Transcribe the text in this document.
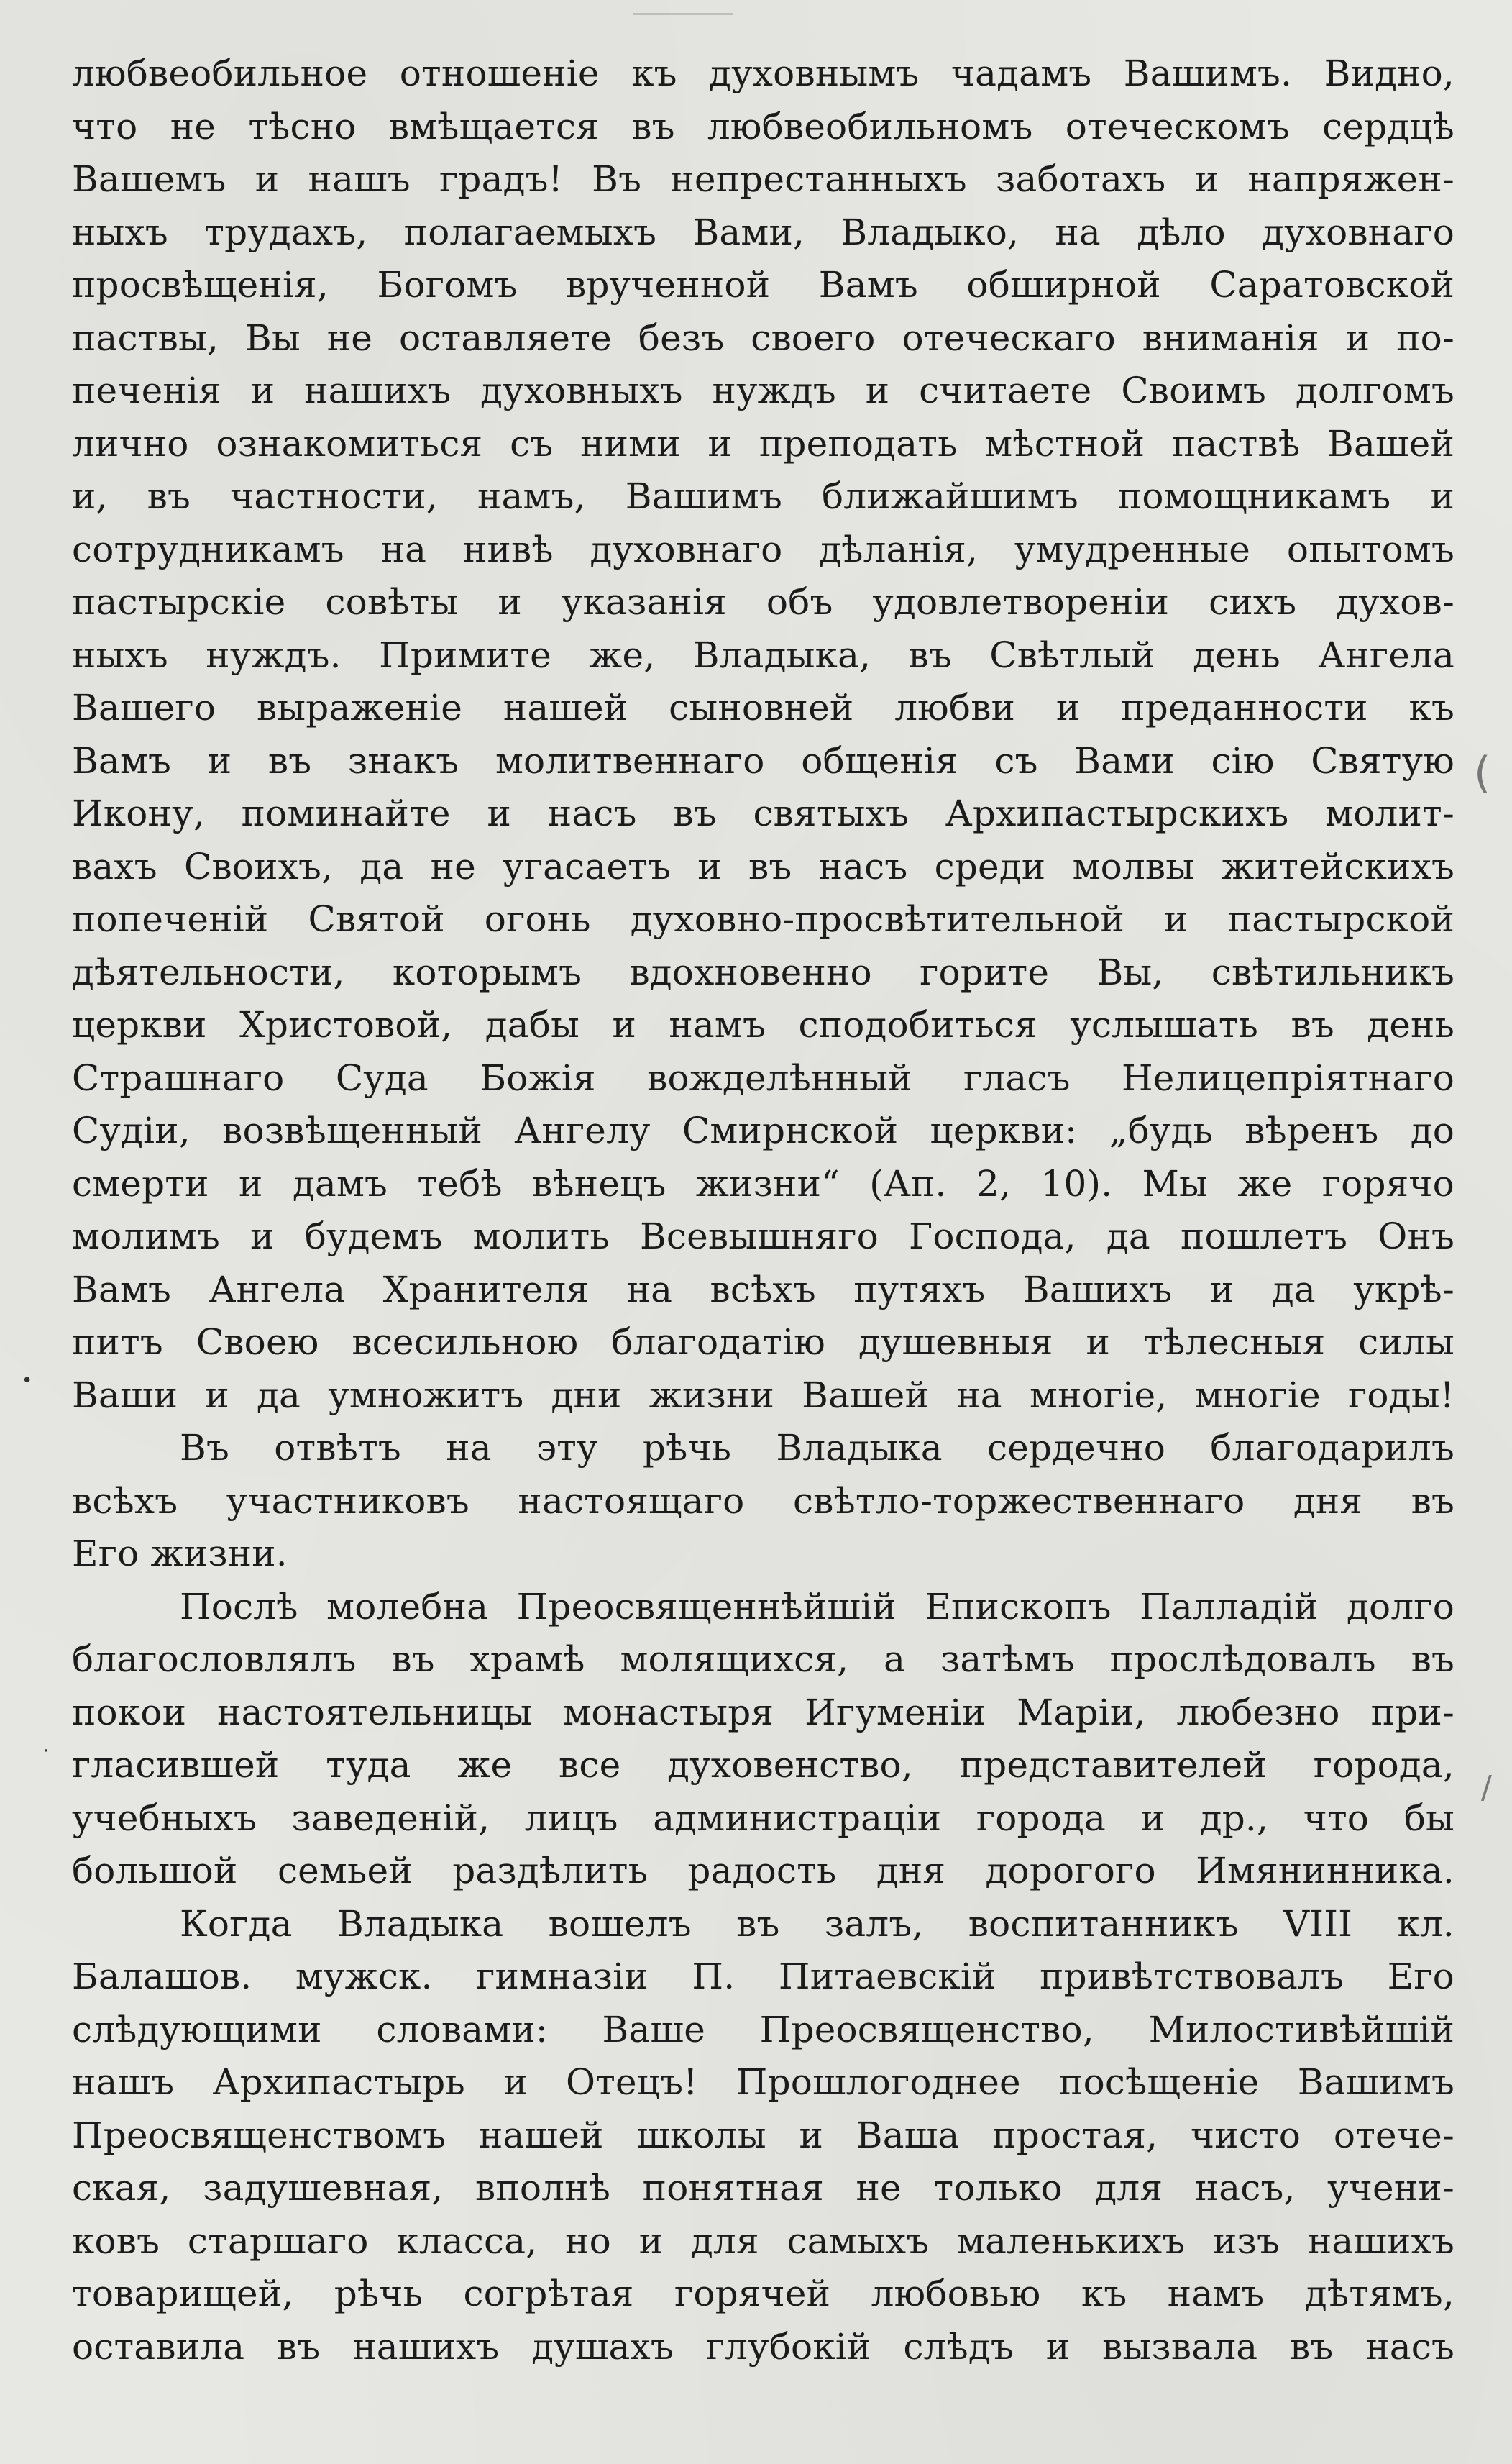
любвеобильное отношеніе къ духовнымъ чадамъ Вашимъ. Видно,
что не тѣсно вмѣщается въ любвеобильномъ отеческомъ сердцѣ
Вашемъ и нашъ градъ! Въ непрестанныхъ заботахъ и напряжен-
ныхъ трудахъ, полагаемыхъ Вами, Владыко, на дѣло духовнаго
просвѣщенія, Богомъ врученной Вамъ обширной Саратовской
паствы, Вы не оставляете безъ своего отеческаго вниманія и по-
печенія и нашихъ духовныхъ нуждъ и считаете Своимъ долгомъ
лично ознакомиться съ ними и преподать мѣстной паствѣ Вашей
и, въ частности, намъ, Вашимъ ближайшимъ помощникамъ и
сотрудникамъ на нивѣ духовнаго дѣланія, умудренные опытомъ
пастырскіе совѣты и указанія объ удовлетвореніи сихъ духов-
ныхъ нуждъ. Примите же, Владыка, въ Свѣтлый день Ангела
Вашего выраженіе нашей сыновней любви и преданности къ
Вамъ и въ знакъ молитвеннаго общенія съ Вами сію Святую
Икону, поминайте и насъ въ святыхъ Архипастырскихъ молит-
вахъ Своихъ, да не угасаетъ и въ насъ среди молвы житейскихъ
попеченій Святой огонь духовно-просвѣтительной и пастырской
дѣятельности, которымъ вдохновенно горите Вы, свѣтильникъ
церкви Христовой, дабы и намъ сподобиться услышать въ день
Страшнаго Суда Божія вожделѣнный гласъ Нелицепріятнаго
Судіи, возвѣщенный Ангелу Смирнской церкви: „будь вѣренъ до
смерти и дамъ тебѣ вѣнецъ жизни“ (Ап. 2, 10). Мы же горячо
молимъ и будемъ молить Всевышняго Господа, да пошлетъ Онъ
Вамъ Ангела Хранителя на всѣхъ путяхъ Вашихъ и да укрѣ-
питъ Своею всесильною благодатію душевныя и тѣлесныя силы
Ваши и да умножитъ дни жизни Вашей на многіе, многіе годы!
Въ отвѣтъ на эту рѣчь Владыка сердечно благодарилъ
всѣхъ участниковъ настоящаго свѣтло-торжественнаго дня въ
Его жизни.
Послѣ молебна Преосвященнѣйшій Епископъ Палладій долго
благословлялъ въ храмѣ молящихся, а затѣмъ прослѣдовалъ въ
покои настоятельницы монастыря Игуменіи Маріи, любезно при-
гласившей туда же все духовенство, представителей города,
учебныхъ заведеній, лицъ администраціи города и др., что бы
большой семьей раздѣлить радость дня дорогого Имянинника.
Когда Владыка вошелъ въ залъ, воспитанникъ VIII кл.
Балашов. мужск. гимназіи П. Питаевскій привѣтствовалъ Его
слѣдующими словами: Ваше Преосвященство, Милостивѣйшій
нашъ Архипастырь и Отецъ! Прошлогоднее посѣщеніе Вашимъ
Преосвященствомъ нашей школы и Ваша простая, чисто отече-
ская, задушевная, вполнѣ понятная не только для насъ, учени-
ковъ старшаго класса, но и для самыхъ маленькихъ изъ нашихъ
товарищей, рѣчь согрѣтая горячей любовью къ намъ дѣтямъ,
оставила въ нашихъ душахъ глубокій слѣдъ и вызвала въ насъ
•
(
/
·
